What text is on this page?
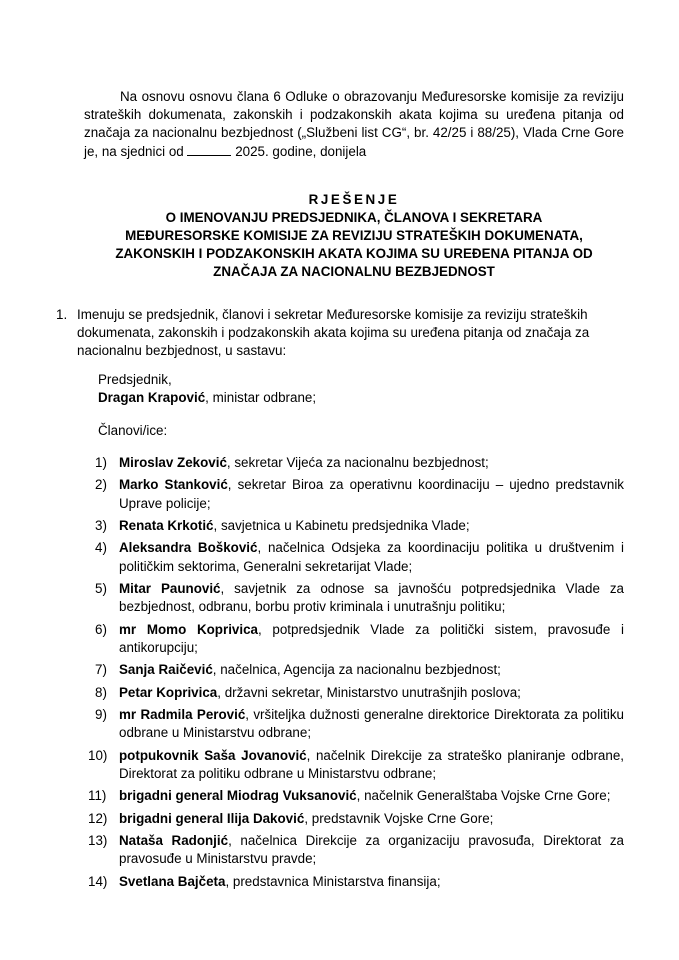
Na osnovu osnovu člana 6 Odluke o obrazovanju Međuresorske komisije za reviziju strateških dokumenata, zakonskih i podzakonskih akata kojima su uređena pitanja od značaja za nacionalnu bezbjednost („Službeni list CG“, br. 42/25 i 88/25), Vlada Crne Gore je, na sjednici od	2025. godine, donijela

RJEŠENJE
O IMENOVANJU PREDSJEDNIKA, ČLANOVA I SEKRETARA
MEĐURESORSKE KOMISIJE ZA REVIZIJU STRATEŠKIH DOKUMENATA,
ZAKONSKIH I PODZAKONSKIH AKATA KOJIMA SU UREĐENA PITANJA OD
ZNAČAJA ZA NACIONALNU BEZBJEDNOST
1. Imenuju se predsjednik, članovi i sekretar Međuresorske komisije za reviziju strateških dokumenata, zakonskih i podzakonskih akata kojima su uređena pitanja od značaja za nacionalnu bezbjednost, u sastavu:
Predsjednik,
Dragan Krapović, ministar odbrane;
Članovi/ice:
1) Miroslav Zeković, sekretar Vijeća za nacionalnu bezbjednost;
2) Marko Stanković, sekretar Biroa za operativnu koordinaciju – ujedno predstavnik Uprave policije;
3) Renata Krkotić, savjetnica u Kabinetu predsjednika Vlade;
4) Aleksandra Bošković, načelnica Odsjeka za koordinaciju politika u društvenim i političkim sektorima, Generalni sekretarijat Vlade;
5) Mitar Paunović, savjetnik za odnose sa javnošću potpredsjednika Vlade za bezbjednost, odbranu, borbu protiv kriminala i unutrašnju politiku;
6) mr Momo Koprivica, potpredsjednik Vlade za politički sistem, pravosuđe i antikorupciju;
7) Sanja Raičević, načelnica, Agencija za nacionalnu bezbjednost;
8) Petar Koprivica, državni sekretar, Ministarstvo unutrašnjih poslova;
9) mr Radmila Perović, vršiteljka dužnosti generalne direktorice Direktorata za politiku odbrane u Ministarstvu odbrane;
10) potpukovnik Saša Jovanović, načelnik Direkcije za strateško planiranje odbrane, Direktorat za politiku odbrane u Ministarstvu odbrane;
11) brigadni general Miodrag Vuksanović, načelnik Generalštaba Vojske Crne Gore;
12) brigadni general Ilija Daković, predstavnik Vojske Crne Gore;
13) Nataša Radonjić, načelnica Direkcije za organizaciju pravosuđa, Direktorat za pravosuđe u Ministarstvu pravde;
14) Svetlana Bajčeta, predstavnica Ministarstva finansija;
